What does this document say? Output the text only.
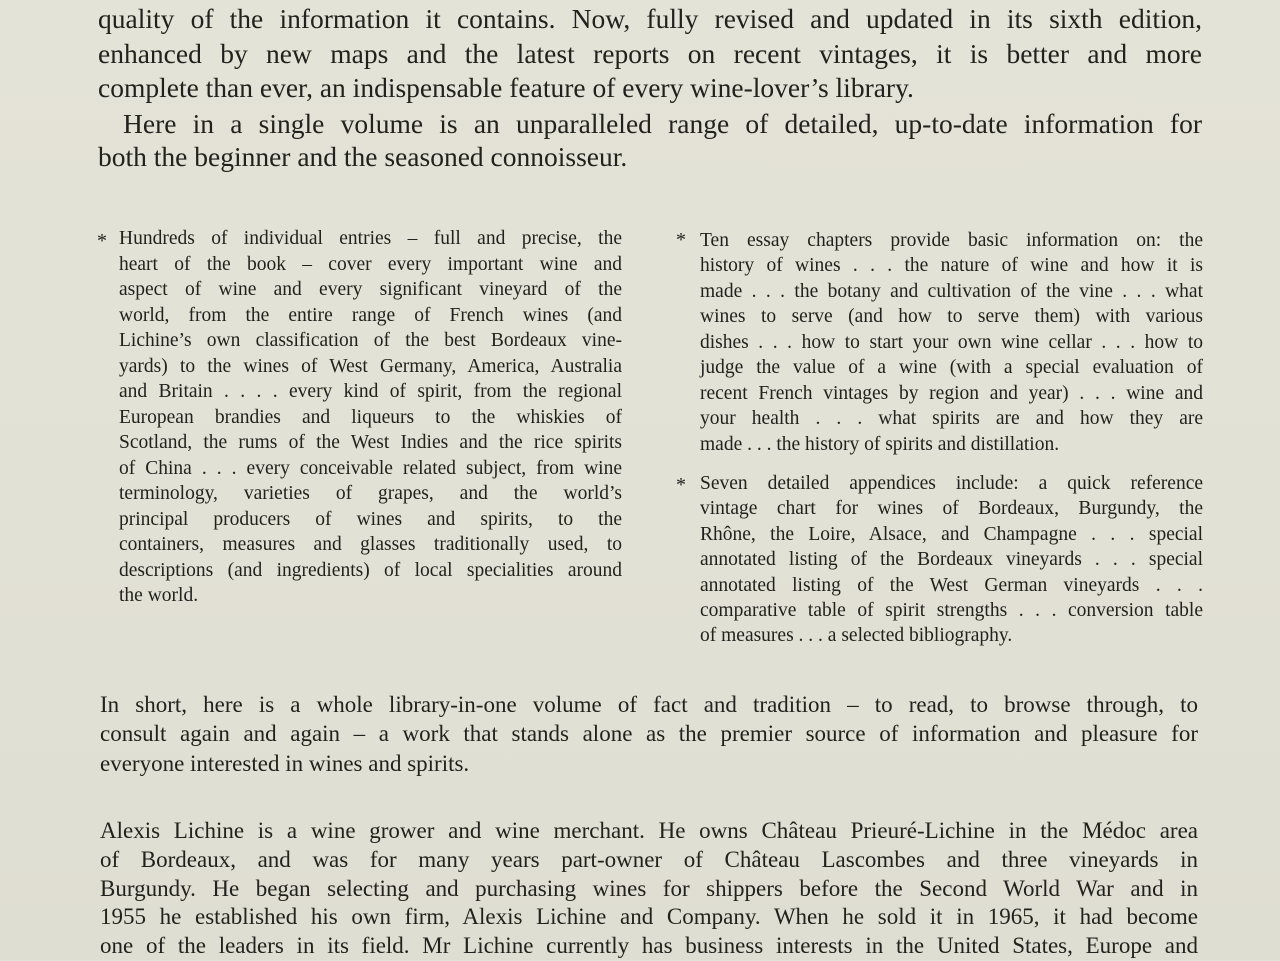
quality of the information it contains. Now, fully revised and updated in its sixth edition,

enhanced by new maps and the latest reports on recent vintages, it is better and more

complete than ever, an indispensable feature of every wine-lover’s library.

Here in a single volume is an unparalleled range of detailed, up-to-date information for

both the beginner and the seasoned connoisseur.

* Hundreds of individual entries – full and precise, the

heart of the book – cover every important wine and

aspect of wine and every significant vineyard of the

world, from the entire range of French wines (and

Lichine’s own classification of the best Bordeaux vine-

yards) to the wines of West Germany, America, Australia

and Britain . . . . every kind of spirit, from the regional

European brandies and liqueurs to the whiskies of

Scotland, the rums of the West Indies and the rice spirits

of China . . . every conceivable related subject, from wine

terminology, varieties of grapes, and the world’s

principal producers of wines and spirits, to the

containers, measures and glasses traditionally used, to

descriptions (and ingredients) of local specialities around

the world.

* Ten essay chapters provide basic information on: the

history of wines . . . the nature of wine and how it is

made . . . the botany and cultivation of the vine . . . what

wines to serve (and how to serve them) with various

dishes . . . how to start your own wine cellar . . . how to

judge the value of a wine (with a special evaluation of

recent French vintages by region and year) . . . wine and

your health . . . what spirits are and how they are

made . . . the history of spirits and distillation.

* Seven detailed appendices include: a quick reference

vintage chart for wines of Bordeaux, Burgundy, the

Rhône, the Loire, Alsace, and Champagne . . . special

annotated listing of the Bordeaux vineyards . . . special

annotated listing of the West German vineyards . . .

comparative table of spirit strengths . . . conversion table

of measures . . . a selected bibliography.

In short, here is a whole library-in-one volume of fact and tradition – to read, to browse through, to

consult again and again – a work that stands alone as the premier source of information and pleasure for

everyone interested in wines and spirits.

Alexis Lichine is a wine grower and wine merchant. He owns Château Prieuré-Lichine in the Médoc area

of Bordeaux, and was for many years part-owner of Château Lascombes and three vineyards in

Burgundy. He began selecting and purchasing wines for shippers before the Second World War and in

1955 he established his own firm, Alexis Lichine and Company. When he sold it in 1965, it had become

one of the leaders in its field. Mr Lichine currently has business interests in the United States, Europe and
